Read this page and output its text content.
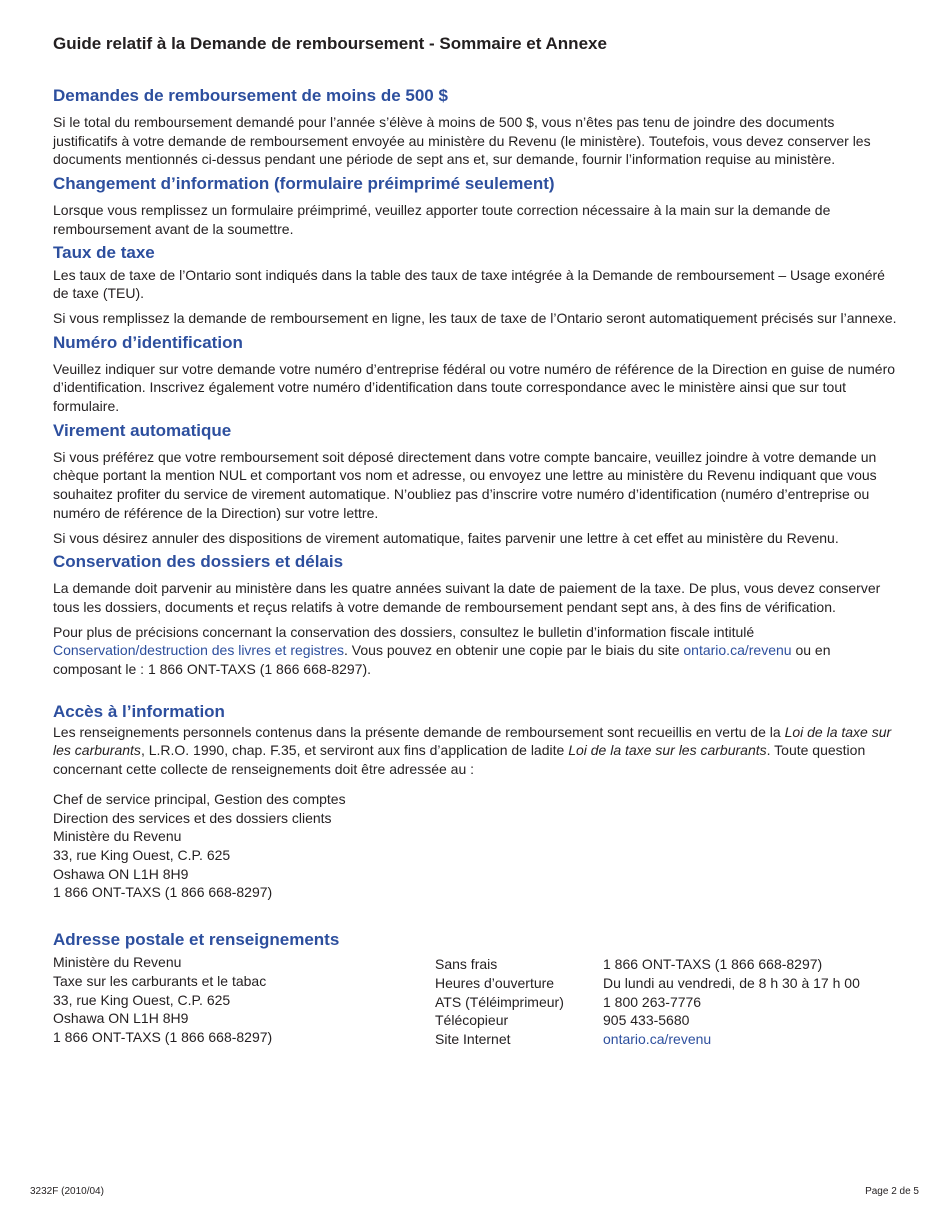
Guide relatif à la Demande de remboursement - Sommaire et Annexe
Demandes de remboursement de moins de 500 $

Si le total du remboursement demandé pour l’année s’élève à moins de 500 $, vous n’êtes pas tenu de joindre des documents justificatifs à votre demande de remboursement envoyée au ministère du Revenu (le ministère). Toutefois, vous devez conserver les documents mentionnés ci-dessus pendant une période de sept ans et, sur demande, fournir l’information requise au ministère.

Changement d’information (formulaire préimprimé seulement)

Lorsque vous remplissez un formulaire préimprimé, veuillez apporter toute correction nécessaire à la main sur la demande de remboursement avant de la soumettre.

Taux de taxe

Les taux de taxe de l’Ontario sont indiqués dans la table des taux de taxe intégrée à la Demande de remboursement – Usage exonéré de taxe (TEU).

Si vous remplissez la demande de remboursement en ligne, les taux de taxe de l’Ontario seront automatiquement précisés sur l’annexe.

Numéro d’identification

Veuillez indiquer sur votre demande votre numéro d’entreprise fédéral ou votre numéro de référence de la Direction en guise de numéro d’identification. Inscrivez également votre numéro d’identification dans toute correspondance avec le ministère ainsi que sur tout formulaire.

Virement automatique

Si vous préférez que votre remboursement soit déposé directement dans votre compte bancaire, veuillez joindre à votre demande un chèque portant la mention NUL et comportant vos nom et adresse, ou envoyez une lettre au ministère du Revenu indiquant que vous souhaitez profiter du service de virement automatique. N’oubliez pas d’inscrire votre numéro d’identification (numéro d’entreprise ou numéro de référence de la Direction) sur votre lettre.

Si vous désirez annuler des dispositions de virement automatique, faites parvenir une lettre à cet effet au ministère du Revenu.

Conservation des dossiers et délais

La demande doit parvenir au ministère dans les quatre années suivant la date de paiement de la taxe. De plus, vous devez conserver tous les dossiers, documents et reçus relatifs à votre demande de remboursement pendant sept ans, à des fins de vérification.

Pour plus de précisions concernant la conservation des dossiers, consultez le bulletin d’information fiscale intitulé Conservation/destruction des livres et registres. Vous pouvez en obtenir une copie par le biais du site ontario.ca/revenu ou en composant le : 1 866 ONT-TAXS (1 866 668-8297).

Accès à l’information

Les renseignements personnels contenus dans la présente demande de remboursement sont recueillis en vertu de la Loi de la taxe sur les carburants, L.R.O. 1990, chap. F.35, et serviront aux fins d’application de ladite Loi de la taxe sur les carburants. Toute question concernant cette collecte de renseignements doit être adressée au :

Chef de service principal, Gestion des comptes
Direction des services et des dossiers clients
Ministère du Revenu
33, rue King Ouest, C.P. 625
Oshawa ON L1H 8H9
1 866 ONT-TAXS (1 866 668-8297)
Adresse postale et renseignements
Ministère du Revenu
Taxe sur les carburants et le tabac
33, rue King Ouest, C.P. 625
Oshawa ON L1H 8H9
1 866 ONT-TAXS (1 866 668-8297)
Sans frais	1 866 ONT-TAXS (1 866 668-8297)
Heures d’ouverture	Du lundi au vendredi, de 8 h 30 à 17 h 00
ATS (Téléimprimeur)	1 800 263-7776
Télécopieur	905 433-5680
Site Internet	ontario.ca/revenu
3232F (2010/04)	Page 2 de 5
